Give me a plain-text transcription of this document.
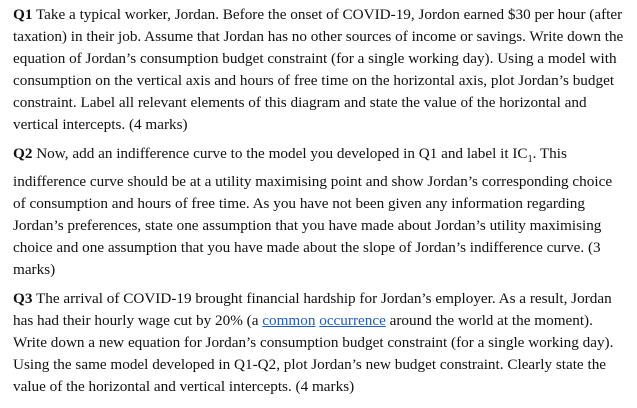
Q1 Take a typical worker, Jordan. Before the onset of COVID-19, Jordon earned $30 per hour (after taxation) in their job. Assume that Jordan has no other sources of income or savings. Write down the equation of Jordan’s consumption budget constraint (for a single working day). Using a model with consumption on the vertical axis and hours of free time on the horizontal axis, plot Jordan’s budget constraint. Label all relevant elements of this diagram and state the value of the horizontal and vertical intercepts. (4 marks)

Q2 Now, add an indifference curve to the model you developed in Q1 and label it $IC_1$. This indifference curve should be at a utility maximising point and show Jordan’s corresponding choice of consumption and hours of free time. As you have not been given any information regarding Jordan’s preferences, state one assumption that you have made about Jordan’s utility maximising choice and one assumption that you have made about the slope of Jordan’s indifference curve. (3 marks)

Q3 The arrival of COVID-19 brought financial hardship for Jordan’s employer. As a result, Jordan has had their hourly wage cut by 20% (a common occurrence around the world at the moment). Write down a new equation for Jordan’s consumption budget constraint (for a single working day). Using the same model developed in Q1-Q2, plot Jordan’s new budget constraint. Clearly state the value of the horizontal and vertical intercepts. (4 marks)
